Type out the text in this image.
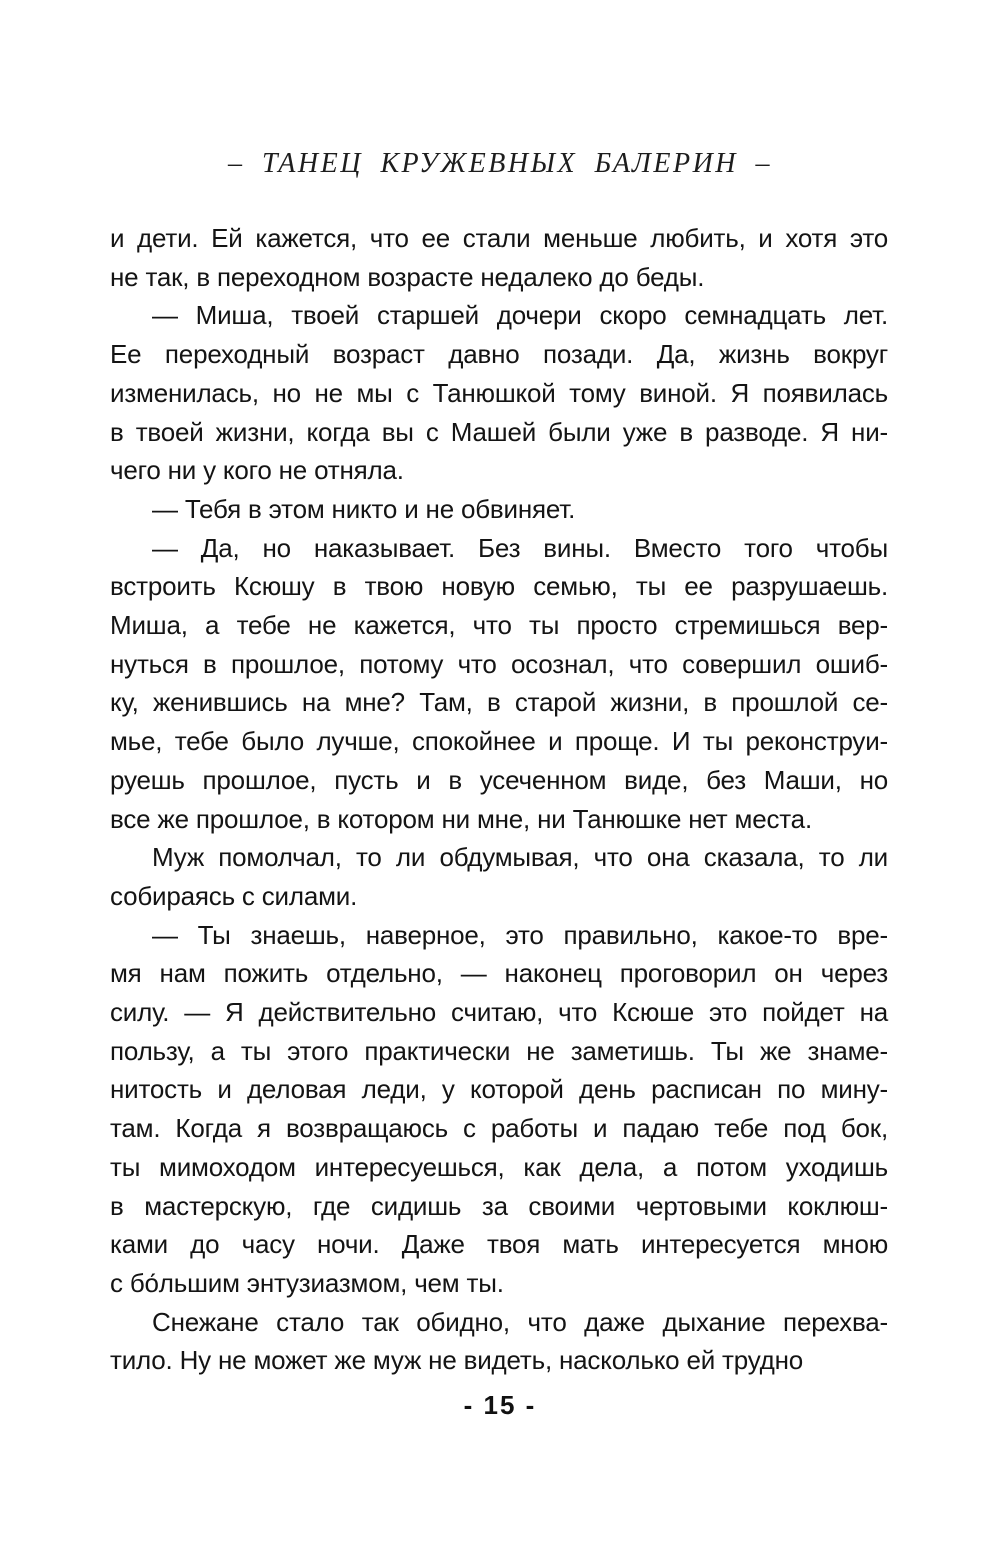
– ТАНЕЦ КРУЖЕВНЫХ БАЛЕРИН –
и дети. Ей кажется, что ее стали меньше любить, и хотя это
не так, в переходном возрасте недалеко до беды.
— Миша, твоей старшей дочери скоро семнадцать лет.
Ее переходный возраст давно позади. Да, жизнь вокруг
изменилась, но не мы с Танюшкой тому виной. Я появилась
в твоей жизни, когда вы с Машей были уже в разводе. Я ни-
чего ни у кого не отняла.
— Тебя в этом никто и не обвиняет.
— Да, но наказывает. Без вины. Вместо того чтобы
встроить Ксюшу в твою новую семью, ты ее разрушаешь.
Миша, а тебе не кажется, что ты просто стремишься вер-
нуться в прошлое, потому что осознал, что совершил ошиб-
ку, женившись на мне? Там, в старой жизни, в прошлой се-
мье, тебе было лучше, спокойнее и проще. И ты реконструи-
руешь прошлое, пусть и в усеченном виде, без Маши, но
все же прошлое, в котором ни мне, ни Танюшке нет места.
Муж помолчал, то ли обдумывая, что она сказала, то ли
собираясь с силами.
— Ты знаешь, наверное, это правильно, какое-то вре-
мя нам пожить отдельно, — наконец проговорил он через
силу. — Я действительно считаю, что Ксюше это пойдет на
пользу, а ты этого практически не заметишь. Ты же знаме-
нитость и деловая леди, у которой день расписан по мину-
там. Когда я возвращаюсь с работы и падаю тебе под бок,
ты мимоходом интересуешься, как дела, а потом уходишь
в мастерскую, где сидишь за своими чертовыми коклюш-
ками до часу ночи. Даже твоя мать интересуется мною
с бо́льшим энтузиазмом, чем ты.
Снежане стало так обидно, что даже дыхание перехва-
тило. Ну не может же муж не видеть, насколько ей трудно
- 15 -
